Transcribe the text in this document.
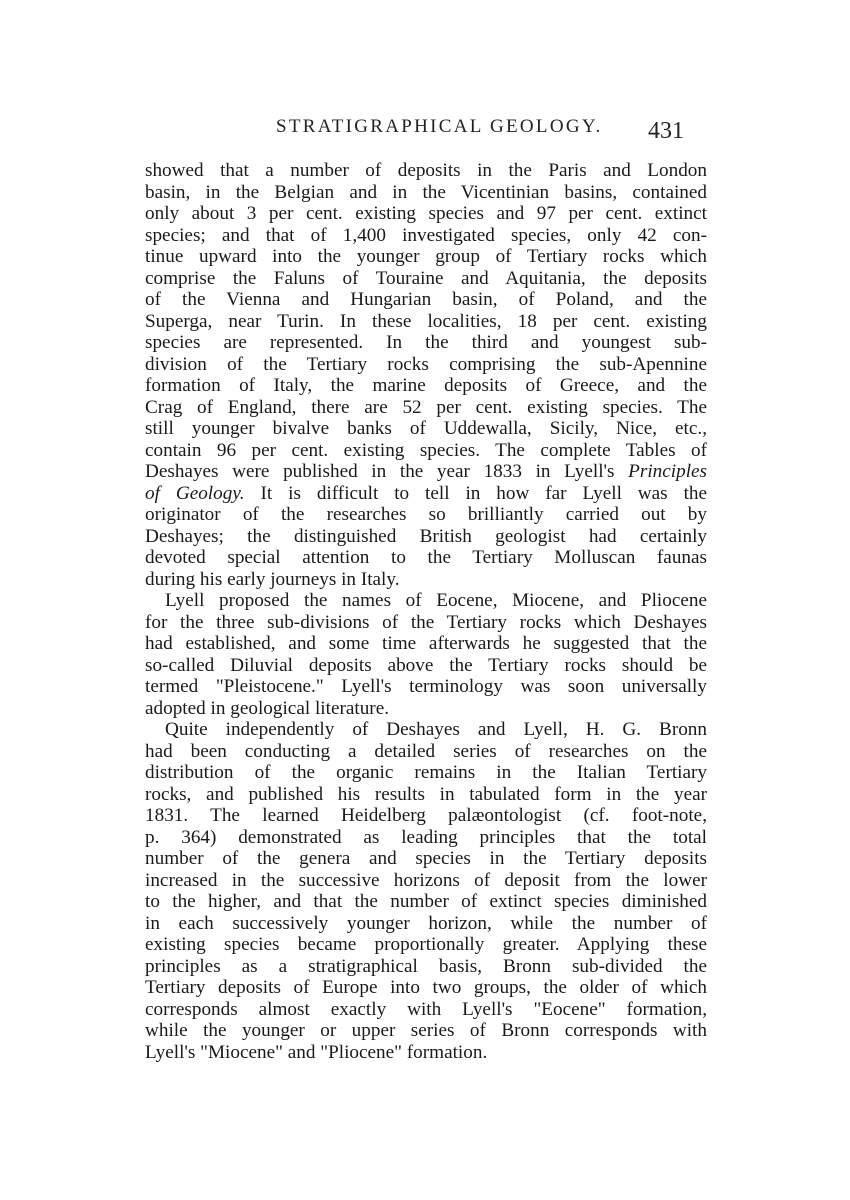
STRATIGRAPHICAL GEOLOGY. 431
showed that a number of deposits in the Paris and London
basin, in the Belgian and in the Vicentinian basins, contained
only about 3 per cent. existing species and 97 per cent. extinct
species; and that of 1,400 investigated species, only 42 con-
tinue upward into the younger group of Tertiary rocks which
comprise the Faluns of Touraine and Aquitania, the deposits
of the Vienna and Hungarian basin, of Poland, and the
Superga, near Turin. In these localities, 18 per cent. existing
species are represented. In the third and youngest sub-
division of the Tertiary rocks comprising the sub-Apennine
formation of Italy, the marine deposits of Greece, and the
Crag of England, there are 52 per cent. existing species. The
still younger bivalve banks of Uddewalla, Sicily, Nice, etc.,
contain 96 per cent. existing species. The complete Tables of
Deshayes were published in the year 1833 in Lyell's Principles
of Geology. It is difficult to tell in how far Lyell was the
originator of the researches so brilliantly carried out by
Deshayes; the distinguished British geologist had certainly
devoted special attention to the Tertiary Molluscan faunas
during his early journeys in Italy.
Lyell proposed the names of Eocene, Miocene, and Pliocene
for the three sub-divisions of the Tertiary rocks which Deshayes
had established, and some time afterwards he suggested that the
so-called Diluvial deposits above the Tertiary rocks should be
termed "Pleistocene." Lyell's terminology was soon universally
adopted in geological literature.
Quite independently of Deshayes and Lyell, H. G. Bronn
had been conducting a detailed series of researches on the
distribution of the organic remains in the Italian Tertiary
rocks, and published his results in tabulated form in the year
1831. The learned Heidelberg palæontologist (cf. foot-note,
p. 364) demonstrated as leading principles that the total
number of the genera and species in the Tertiary deposits
increased in the successive horizons of deposit from the lower
to the higher, and that the number of extinct species diminished
in each successively younger horizon, while the number of
existing species became proportionally greater. Applying these
principles as a stratigraphical basis, Bronn sub-divided the
Tertiary deposits of Europe into two groups, the older of which
corresponds almost exactly with Lyell's "Eocene" formation,
while the younger or upper series of Bronn corresponds with
Lyell's "Miocene" and "Pliocene" formation.
